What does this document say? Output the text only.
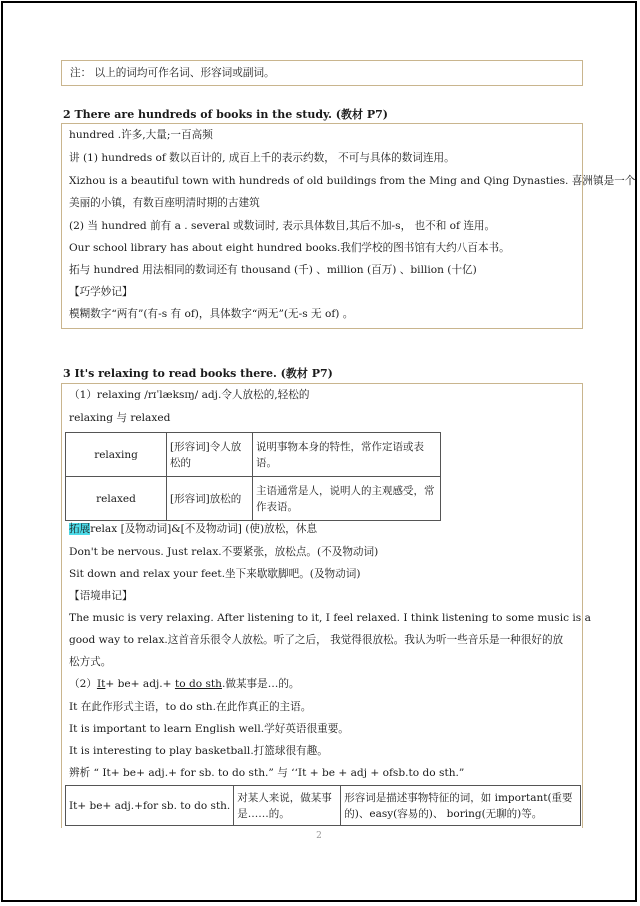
注： 以上的词均可作名词、形容词或副词。
2 There are hundreds of books in the study. (教材 P7)
hundred .许多,大量;一百高频
讲 (1) hundreds of 数以百计的, 成百上千的表示约数， 不可与具体的数词连用。
Xizhou is a beautiful town with hundreds of old buildings from the Ming and Qing Dynasties. 喜洲镇是一个
美丽的小镇，有数百座明清时期的古建筑
(2) 当 hundred 前有 a . several 或数词时, 表示具体数目,其后不加-s， 也不和 of 连用。
Our school library has about eight hundred books.我们学校的图书馆有大约八百本书。
拓与 hundred 用法相同的数词还有 thousand (千) 、million (百万) 、billion (十亿)
【巧学妙记】
模糊数字“两有”(有-s 有 of)，具体数字“两无”(无-s 无 of) 。
3 It's relaxing to read books there. (教材 P7)
（1）relaxing /rɪˈlæksɪŋ/ adj.令人放松的,轻松的
relaxing 与 relaxed
relaxing	[形容词]令人放松的	说明事物本身的特性，常作定语或表语。
relaxed	[形容词]放松的	主语通常是人，说明人的主观感受，常作表语。
拓展relax [及物动词]&[不及物动词] (使)放松，休息
Don't be nervous. Just relax.不要紧张，放松点。(不及物动词)
Sit down and relax your feet.坐下来歇歇脚吧。(及物动词)
【语境串记】
The music is very relaxing. After listening to it, I feel relaxed. I think listening to some music is a
good way to relax.这首音乐很令人放松。听了之后， 我觉得很放松。我认为听一些音乐是一种很好的放
松方式。
（2）It+ be+ adj.+ to do sth.做某事是…的。
It 在此作形式主语，to do sth.在此作真正的主语。
It is important to learn English well.学好英语很重要。
It is interesting to play basketball.打篮球很有趣。
辨析 “ It+ be+ adj.+ for sb. to do sth.” 与 ‘‘It + be + adj + ofsb.to do sth.”
It+ be+ adj.+for sb. to do sth.	对某人来说，做某事是……的。	形容词是描述事物特征的词，如 important(重要的)、easy(容易的)、 boring(无聊的)等。
2
